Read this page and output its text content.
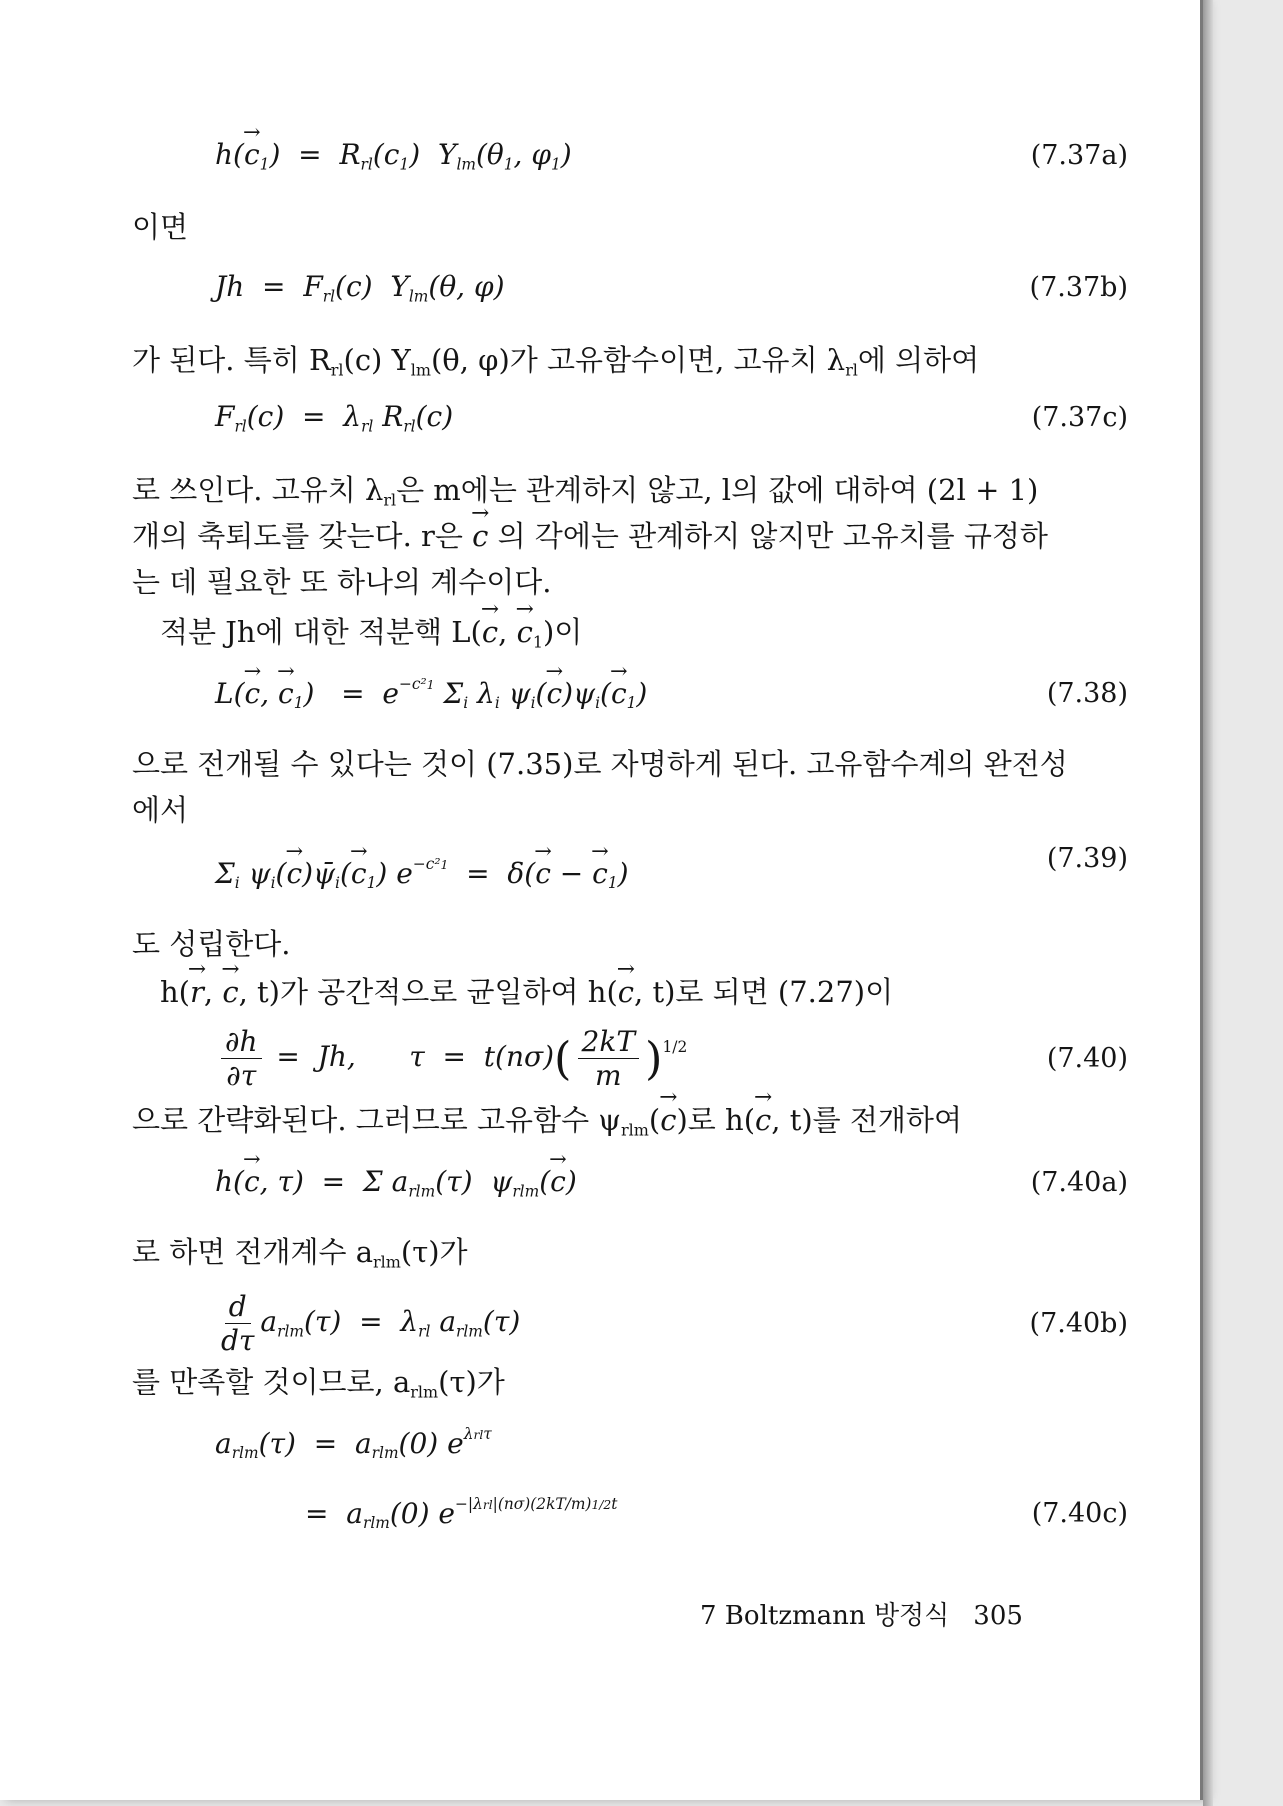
$h(\to c_1) = R_{rl}(c_1)$  $Y_{lm}(\theta_1$, $\varphi_1$)	(7.37a)
이면
$Jh = F_{rl}(c)$  $Y_{lm}(\theta$, φ)	(7.37b)
가 된다. 특히 $R_{rl}(c)$ $Y_{lm}(\theta$, φ)가 고유함수이면, 고유치 $\lambda_{rl}$에 의하여
$F_{rl}(c) = \lambda_{rl}$ $R_{rl}(c)$	(7.37c)
로 쓰인다. 고유치 $\lambda_{rl}$은 m에는 관계하지 않고, l의 값에 대하여 (2l + 1)
개의 축퇴도를 갖는다. r은 → c 의 각에는 관계하지 않지만 고유치를 규정하
는 데 필요한 또 하나의 계수이다.
적분 Jh에 대한 적분핵 L(→ c, → $c_1$)이
L(→ c, → $c_1) = e^{-c^21}$ $\Sigma_i$ $\lambda_i$ $\psi_i(\to c)\psi_i(\to c_1)$	(7.38)
으로 전개될 수 있다는 것이 (7.35)로 자명하게 된다. 고유함수계의 완전성
에서
$\Sigma_i$ $\psi_i(\to$ $c)\psī_i(\to c_1)$ $e^{-c^21} = \delta(\to c$ − → $c_1$)	(7.39)
도 성립한다.
h(→ r, → c, t)가 공간적으로 균일하여 h(→ c, t)로 되면 (7.27)이
$\frac{\partial h}{\partial\tau} = Jh$,      $\tau = t(n\sigma)( \frac{2kT}{m} )^{1/2}$	(7.40)
으로 간략화된다. 그러므로 고유함수 $\psi_{rlm}(\to c)$로 h(→ c, t)를 전개하여
h(→ c, τ)  =  Σ $a_{rlm}(\tau)$  $\psi_{rlm}(\to c)$	(7.40a)
로 하면 전개계수 $a_{rlm}(\tau)$가
$\frac{d}{d\tau} a_{rlm}(\tau) = \lambda_{rl}$ $a_{rlm}(\tau)$	(7.40b)
를 만족할 것이므로, $a_{rlm}(\tau)$가
$a_{rlm}(\tau) = a_{rlm}(0)$ $e^{\lambda rl\tau}$
=  $a_{rlm}(0)$ $e^{-|\lambda rl|(n\sigma)(2kT/m)1/2t}$	(7.40c)
7 Boltzmann 방정식 305
